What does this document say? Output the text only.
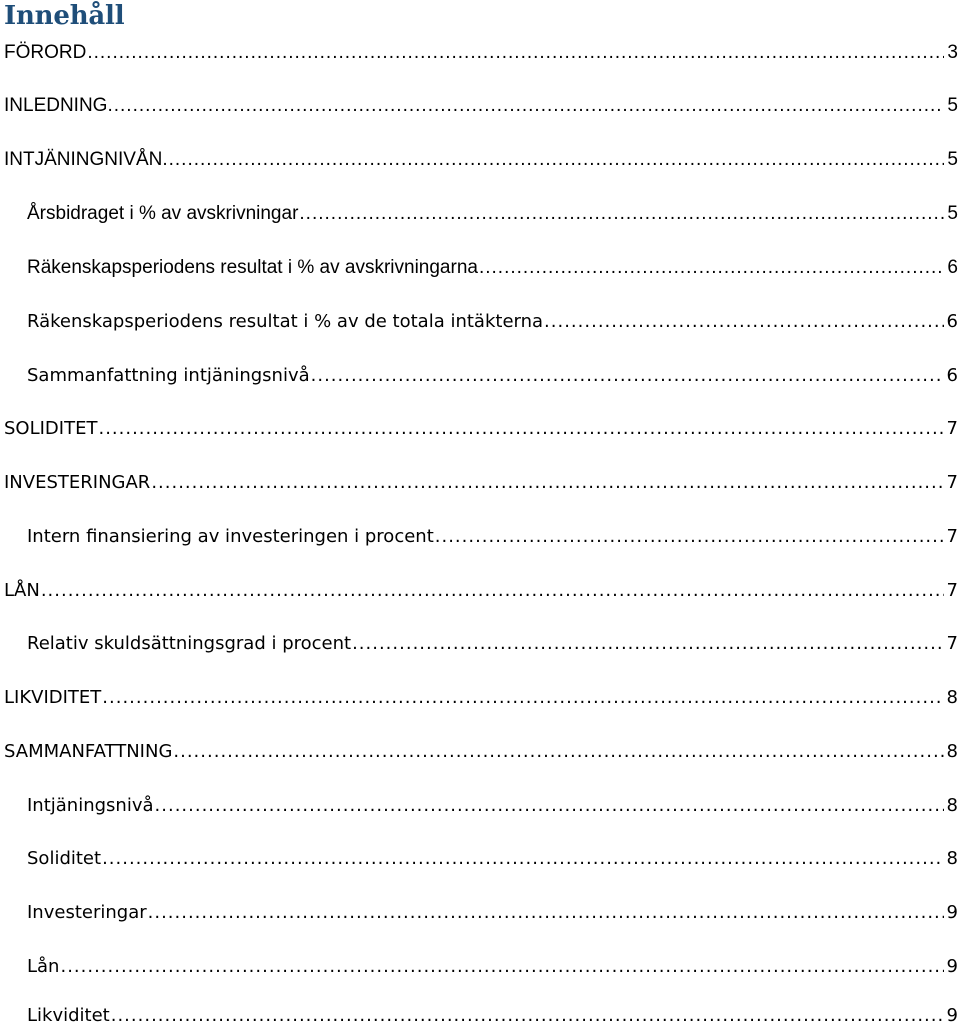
Innehåll
FÖRORD .....	3
INLEDNING. .....	5
INTJÄNINGNIVÅN. .....	5
Årsbidraget i % av avskrivningar .....	5
Räkenskapsperiodens resultat i % av avskrivningarna .....	6
Räkenskapsperiodens resultat i % av de totala intäkterna .....	6
Sammanfattning intjäningsnivå .....	6
SOLIDITET .....	7
INVESTERINGAR .....	7
Intern finansiering av investeringen i procent .....	7
LÅN .....	7
Relativ skuldsättningsgrad i procent .....	7
LIKVIDITET .....	8
SAMMANFATTNING .....	8
Intjäningsnivå .....	8
Soliditet .....	8
Investeringar .....	9
Lån .....	9
Likviditet .....	9
